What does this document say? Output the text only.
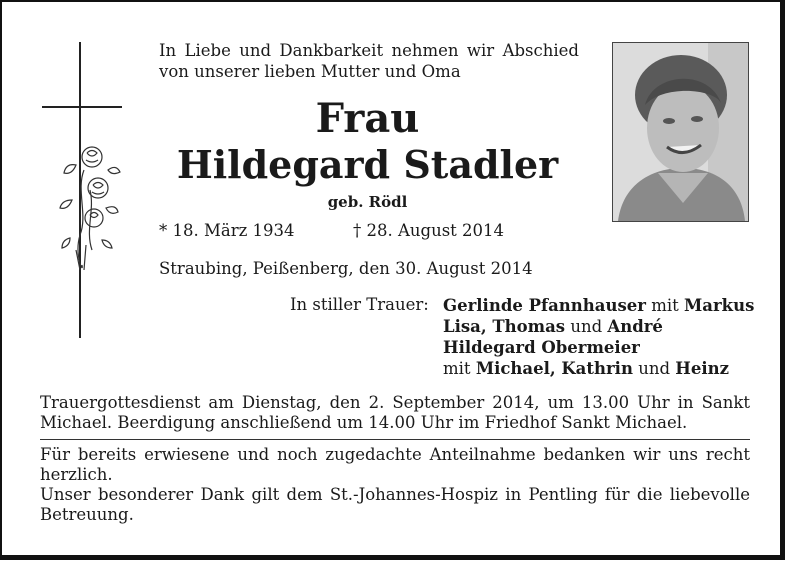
In Liebe und Dankbarkeit nehmen wir Abschied von unserer lieben Mutter und Oma
Frau
Hildegard Stadler
geb. Rödl
* 18. März 1934	† 28. August 2014
Straubing, Peißenberg, den 30. August 2014
In stiller Trauer: Gerlinde Pfannhauser mit Markus
Lisa, Thomas und André
Hildegard Obermeier
mit Michael, Kathrin und Heinz
Trauergottesdienst am Dienstag, den 2. September 2014, um 13.00 Uhr in Sankt Michael. Beerdigung anschließend um 14.00 Uhr im Friedhof Sankt Michael.
Für bereits erwiesene und noch zugedachte Anteilnahme bedanken wir uns recht herzlich.
Unser besonderer Dank gilt dem St.-Johannes-Hospiz in Pentling für die liebevolle Betreuung.
